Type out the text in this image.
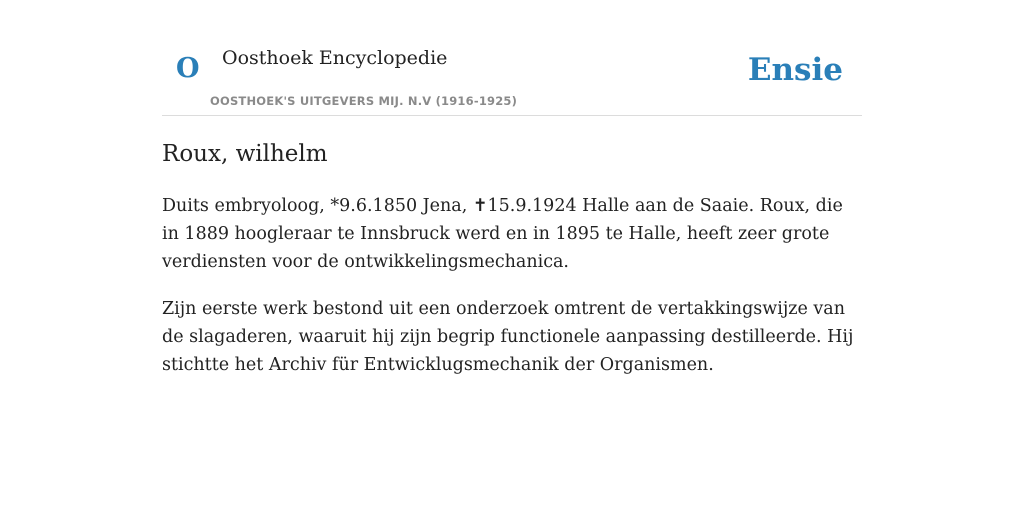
O Oosthoek Encyclopedie
OOSTHOEK'S UITGEVERS MIJ. N.V (1916-1925)
Ensie
Roux, wilhelm

Duits embryoloog, *9.6.1850 Jena, ✝15.9.1924 Halle aan de Saaie. Roux, die in 1889 hoogleraar te Innsbruck werd en in 1895 te Halle, heeft zeer grote verdiensten voor de ontwikkelingsmechanica.

Zijn eerste werk bestond uit een onderzoek omtrent de vertakkingswijze van de slagaderen, waaruit hij zijn begrip functionele aanpassing destilleerde. Hij stichtte het Archiv für Entwicklugsmechanik der Organismen.
